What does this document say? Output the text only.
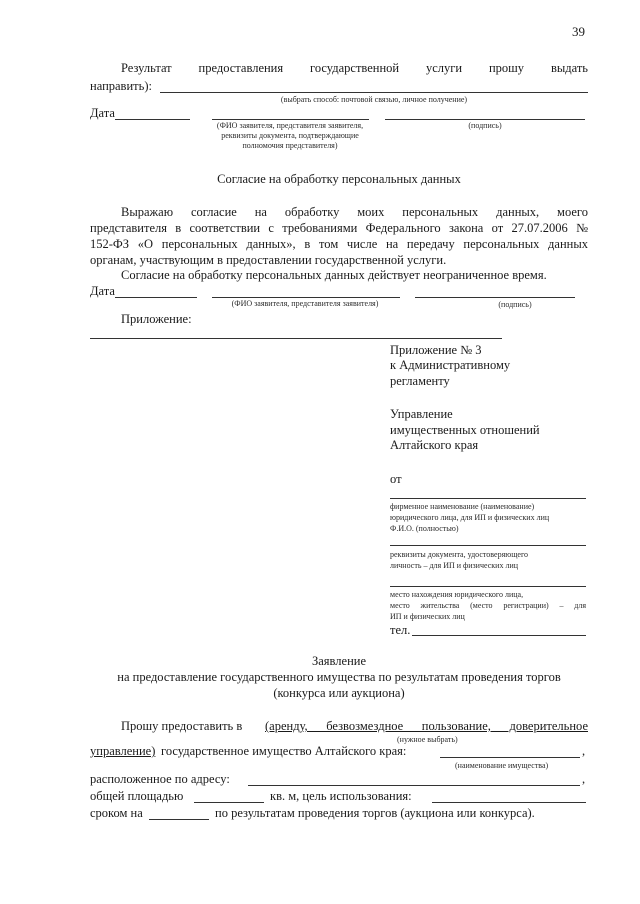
39
Результат предоставления государственной услуги прошу выдать
направить):
(выбрать способ: почтовой связью, личное получение)
Дата
(ФИО заявителя, представителя заявителя,
реквизиты документа, подтверждающие
полномочия представителя)
(подпись)
Согласие на обработку персональных данных
Выражаю согласие на обработку моих персональных данных, моего
представителя в соответствии с требованиями Федерального закона от 27.07.2006 №
152-ФЗ «О персональных данных», в том числе на передачу персональных данных
органам, участвующим в предоставлении государственной услуги.
Согласие на обработку персональных данных действует неограниченное время.
Дата
(ФИО заявителя, представителя заявителя)	(подпись)
Приложение:
Приложение № 3
к Административному
регламенту
Управление
имущественных отношений
Алтайского края
от
фирменное наименование (наименование)
юридического лица, для ИП и физических лиц
Ф.И.О. (полностью)
реквизиты документа, удостоверяющего
личность – для ИП и физических лиц
место нахождения юридического лица,
место жительства (место регистрации) – для
ИП и физических лиц
тел.
Заявление
на предоставление государственного имущества по результатам проведения торгов
(конкурса или аукциона)
Прошу предоставить в (аренду, безвозмездное пользование, доверительное
(нужное выбрать)
управление) государственное имущество Алтайского края:	,
(наименование имущества)
расположенное по адресу:	,
общей площадью	кв. м, цель использования:
сроком на	по результатам проведения торгов (аукциона или конкурса).
